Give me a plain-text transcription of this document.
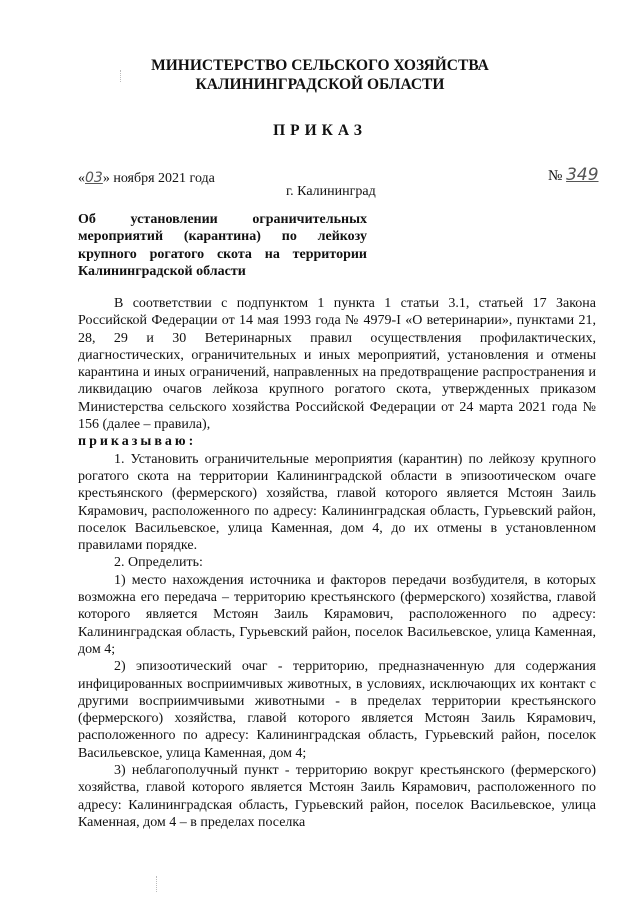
МИНИСТЕРСТВО СЕЛЬСКОГО ХОЗЯЙСТВА
КАЛИНИНГРАДСКОЙ ОБЛАСТИ
ПРИКАЗ
«03» ноября 2021 года	№ 349
г. Калининград
Об установлении ограничительных
мероприятий (карантина) по лейкозу
крупного рогатого скота на территории
Калининградской области

В соответствии с подпунктом 1 пункта 1 статьи 3.1, статьей 17 Закона Российской Федерации от 14 мая 1993 года № 4979-I «О ветеринарии», пунктами 21, 28, 29 и 30 Ветеринарных правил осуществления профилактических, диагностических, ограничительных и иных мероприятий, установления и отмены карантина и иных ограничений, направленных на предотвращение распространения и ликвидацию очагов лейкоза крупного рогатого скота, утвержденных приказом Министерства сельского хозяйства Российской Федерации от 24 марта 2021 года № 156 (далее – правила),
приказываю:

1. Установить ограничительные мероприятия (карантин) по лейкозу крупного рогатого скота на территории Калининградской области в эпизоотическом очаге крестьянского (фермерского) хозяйства, главой которого является Мстоян Заиль Кярамович, расположенного по адресу: Калининградская область, Гурьевский район, поселок Васильевское, улица Каменная, дом 4, до их отмены в установленном правилами порядке.

2. Определить:

1) место нахождения источника и факторов передачи возбудителя, в которых возможна его передача – территорию крестьянского (фермерского) хозяйства, главой которого является Мстоян Заиль Кярамович, расположенного по адресу: Калининградская область, Гурьевский район, поселок Васильевское, улица Каменная, дом 4;

2) эпизоотический очаг - территорию, предназначенную для содержания инфицированных восприимчивых животных, в условиях, исключающих их контакт с другими восприимчивыми животными - в пределах территории крестьянского (фермерского) хозяйства, главой которого является Мстоян Заиль Кярамович, расположенного по адресу: Калининградская область, Гурьевский район, поселок Васильевское, улица Каменная, дом 4;

3) неблагополучный пункт - территорию вокруг крестьянского (фермерского) хозяйства, главой которого является Мстоян Заиль Кярамович, расположенного по адресу: Калининградская область, Гурьевский район, поселок Васильевское, улица Каменная, дом 4 – в пределах поселка
